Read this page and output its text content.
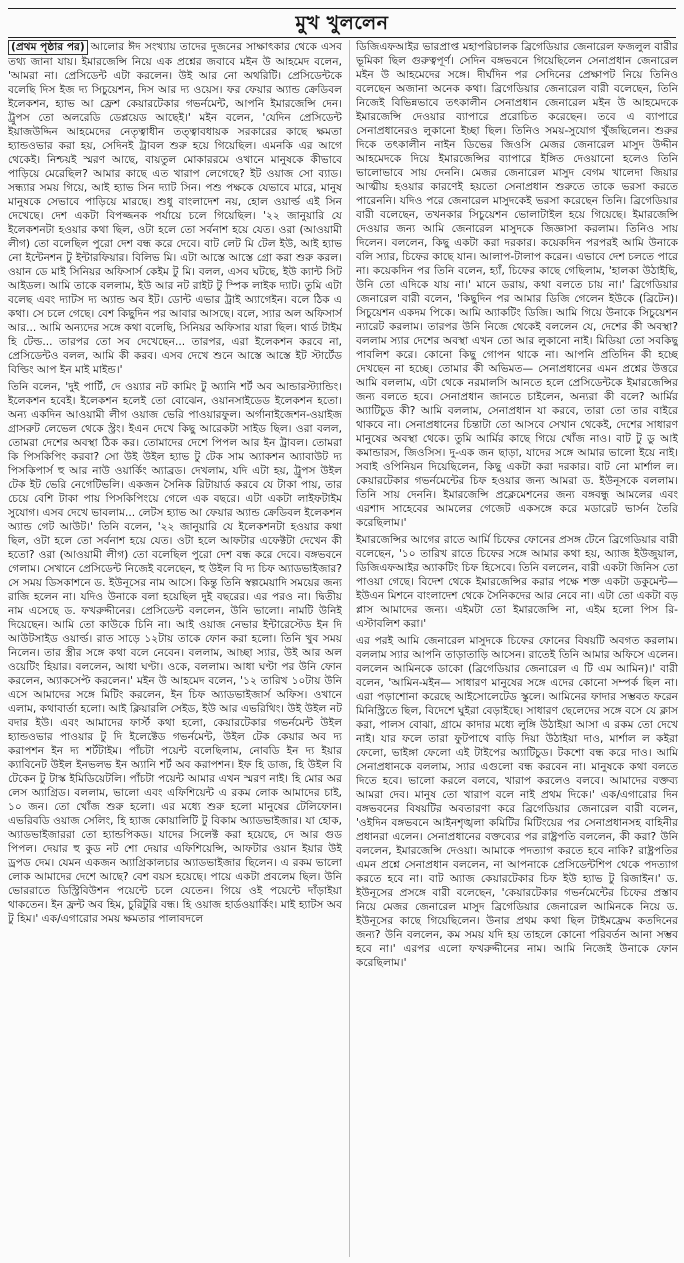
মুখ খুললেন

(প্রথম পৃষ্ঠার পর) আলোর ঈদ সংখ্যায় তাদের দুজনের সাক্ষাৎকার থেকে এসব তথ্য জানা যায়। ইমারজেন্সি নিয়ে এক প্রশ্নের জবাবে মইন উ আহমেদ বলেন, 'আমরা না। প্রেসিডেন্ট এটা করলেন। উই আর নো অথরিটি। প্রেসিডেন্টকে বলেছি দিস ইজ দ্য সিচুয়েশন, দিস আর দ্য ওয়েস। ফর ফেয়ার অ্যান্ড ক্রেডিবল ইলেকশন, হ্যাভ আ ফ্রেশ কেয়ারটেকার গভর্নমেন্ট, আপনি ইমারজেন্সি দেন। ট্রুপস তো অলরেডি ডেপ্লয়েড আছেই।' মইন বলেন, 'যেদিন প্রেসিডেন্ট ইয়াজউদ্দিন আহমেদের নেতৃত্বাধীন তত্ত্বাবধায়ক সরকারের কাছে ক্ষমতা হ্যান্ডওভার করা হয়, সেদিনই ট্রাবল শুরু হয়ে গিয়েছিল। এমনকি এর আগে থেকেই। নিশ্চয়ই স্মরণ আছে, বায়তুল মোকাররমে ওখানে মানুষকে কীভাবে পাড়িয়ে মেরেছিল? আমার কাছে এত খারাপ লেগেছে? ইট ওয়াজ সো ব্যাড। সন্ধ্যার সময় গিয়ে, আই হ্যাভ সিন দ্যাট সিন। পশু পক্ষকে যেভাবে মারে, মানুষ মানুষকে সেভাবে পাড়িয়ে মারছে। শুধু বাংলাদেশ নয়, হোল ওয়ার্ল্ড এই সিন দেখেছে। দেশ একটা বিপজ্জনক পর্যায়ে চলে গিয়েছিল। '২২ জানুয়ারি যে ইলেকশনটা হওয়ার কথা ছিল, ওটা হলে তো সর্বনাশ হয়ে যেত। ওরা (আওয়ামী লীগ) তো বলেছিল পুরো দেশ বন্ধ করে দেবে। বাট লেট মি টেল ইউ, আই হ্যাভ নো ইন্টেনশন টু ইন্টারফিয়ার। বিলিভ মি। এটা আস্তে আস্তে গ্রো করা শুরু করল। ওয়ান ডে মাই সিনিয়র অফিসার্স কেইম টু মি। বলল, এসব ঘটছে, ইউ ক্যান্ট সিট আইডল। আমি তাকে বললাম, ইউ আর নট রাইট টু স্পিক লাইক দ্যাট। তুমি এটা বলেছ এবং দ্যাটস দ্য অ্যান্ড অব ইট। ডোন্ট এভার ট্রাই অ্যাগেইন। বলে ঠিক এ কথা। সে চলে গেছে। বেশ কিছুদিন পর আবার আসছে। বলে, স্যার অল অফিসার্স আর... আমি অন্যদের সঙ্গে কথা বলেছি, সিনিয়র অফিসার যারা ছিল। থার্ড টাইম হি টেল্ড... তারপর তো সব দেখেছেন... তারপর, এরা ইলেকশন করবে না, প্রেসিডেন্টও বলল, আমি কী করব। এসব দেখে শুনে আস্তে আস্তে ইট স্টার্টেড বিল্ডিং আপ ইন মাই মাইন্ড।'

তিনি বলেন, 'দুই পার্টি, দে ওয়্যার নট কামিং টু অ্যানি শর্ট অব আন্ডারস্ট্যান্ডিং। ইলেকশন হবেই। ইলেকশন হলেই তো বোঝেন, ওয়ানসাইডেড ইলেকশন হতো। অন্য একদিন আওয়ামী লীগ ওয়াজ ভেরি পাওয়ারফুল। অর্গানাইজেশন-ওয়াইজ গ্রাসরুট লেভেল থেকে স্ট্রং। ইএন দেখে কিছু আরেকটা সাইড ছিল। ওরা বলল, তোমরা দেশের অবস্থা ঠিক কর। তোমাদের দেশে পিপল আর ইন ট্রাবল। তোমরা কি পিসকিপিং করবা? সো উই উইল হ্যাভ টু টেক সাম অ্যাকশন অ্যাবাউট দ্য পিসকিপার্স হু আর নাউ ওয়ার্কিং অ্যাব্রড। দেখলাম, যদি এটা হয়, ট্রুপস উইল টেক ইট ভেরি নেগেটিভলি। একজন সৈনিক রিটায়ার্ড করবে যে টাকা পায়, তার চেয়ে বেশি টাকা পায় পিসকিপিংয়ে গেলে এক বছরে। এটা একটা লাইফটাইম সুযোগ। এসব দেখে ভাবলাম... লেটস হ্যাভ আ ফেয়ার অ্যান্ড ক্রেডিবল ইলেকশন অ্যান্ড গেট আউট।' তিনি বলেন, '২২ জানুয়ারি যে ইলেকশনটা হওয়ার কথা ছিল, ওটা হলে তো সর্বনাশ হয়ে যেত। ওটা হলে আফটার এফেক্টটা দেখেন কী হতো? ওরা (আওয়ামী লীগ) তো বলেছিল পুরো দেশ বন্ধ করে দেবে। বঙ্গভবনে গেলাম। সেখানে প্রেসিডেন্ট নিজেই বলেছেন, হু উইল বি দ্য চিফ অ্যাডভাইজার? সে সময় ডিসকাশনে ড. ইউনূসের নাম আসে। কিন্তু তিনি স্বল্পমেয়াদি সময়ের জন্য রাজি হলেন না। যদিও উনাকে বলা হয়েছিল দুই বছরের। এর পরও না। দ্বিতীয় নাম এসেছে ড. ফখরুদ্দীনের। প্রেসিডেন্ট বললেন, উনি ভালো। নামটি উনিই দিয়েছেন। আমি তো কাউকে চিনি না। আই ওয়াজ নেভার ইন্টারেস্টেড ইন দি আউটসাইড ওয়ার্ল্ড। রাত সাড়ে ১২টায় তাকে ফোন করা হলো। তিনি খুব সময় নিলেন। তার স্ত্রীর সঙ্গে কথা বলে নেবেন। বললাম, আচ্ছা স্যার, উই আর অল ওয়েটিং হিয়ার। বললেন, আধা ঘণ্টা। ওকে, বললাম। আধা ঘণ্টা পর উনি ফোন করলেন, অ্যাকসেপ্ট করলেন।' মইন উ আহমেদ বলেন, '১২ তারিখ ১০টায় উনি এসে আমাদের সঙ্গে মিটিং করলেন, ইন চিফ অ্যাডভাইজার্স অফিস। ওখানে এলাম, কথাবার্তা হলো। আই ক্লিয়ারলি সেইড, ইউ আর এভরিথিং। উই উইল নট বদার ইউ। এবং আমাদের ফার্স্ট কথা হলো, কেয়ারটেকার গভর্নমেন্ট উইল হ্যান্ডওভার পাওয়ার টু দি ইলেক্টেড গভর্নমেন্ট, উইল টেক কেয়ার অব দ্য করাপশন ইন দ্য শর্টটাইম। পাঁচটা পয়েন্ট বলেছিলাম, নোবডি ইন দ্য ইয়ার ক্যাবিনেট উইল ইনভলভ ইন অ্যানি শর্ট অব করাপশন। ইফ হি ডাজ, হি উইল বি টেকেন টু টাস্ক ইমিডিয়েটলি। পাঁচটা পয়েন্ট আমার এখন স্মরণ নাই। হি মোর অর লেস অ্যাগ্রিড। বললাম, ভালো এবং এফিশিয়েন্ট এ রকম লোক আমাদের চাই, ১০ জন। তো খোঁজ শুরু হলো। এর মধ্যে শুরু হলো মানুষের টেলিফোন। এভরিবডি ওয়াজ সেলিং, হি হ্যাজ কোয়ালিটি টু বিকাম অ্যাডভাইজার। যা হোক, অ্যাডভাইজাররা তো হ্যান্ডপিকড। যাদের সিলেক্ট করা হয়েছে, দে আর গুড পিপল। দেয়ার হু কুড নট শো দেয়ার এফিশিয়েন্সি, আফটার ওয়ান ইয়ার উই ড্রপড দেম। যেমন একজন অ্যাগ্রিকালচার অ্যাডভাইজার ছিলেন। এ রকম ভালো লোক আমাদের দেশে আছে? বেশ বয়স হয়েছে। পায়ে একটা প্রবলেম ছিল। উনি ভোররাতে ডিস্ট্রিবিউশন পয়েন্টে চলে যেতেন। গিয়ে ওই পয়েন্টে দাঁড়াইয়া থাকতেন। ইন ফ্রন্ট অব হিম, চুরিটুরি বন্ধ। হি ওয়াজ হার্ডওয়ার্কিং। মাই হ্যাটস অব টু হিম।' এক/এগারোর সময় ক্ষমতার পালাবদলে

ডিজিএফআইর ভারপ্রাপ্ত মহাপরিচালক ব্রিগেডিয়ার জেনারেল ফজলুল বারীর ভূমিকা ছিল গুরুত্বপূর্ণ। সেদিন বঙ্গভবনে গিয়েছিলেন সেনাপ্রধান জেনারেল মইন উ আহমেদের সঙ্গে। দীর্ঘদিন পর সেদিনের প্রেক্ষাপট নিয়ে তিনিও বলেছেন অজানা অনেক কথা। ব্রিগেডিয়ার জেনারেল বারী বলেছেন, তিনি নিজেই বিভিন্নভাবে তৎকালীন সেনাপ্রধান জেনারেল মইন উ আহমেদকে ইমারজেন্সি দেওয়ার ব্যাপারে প্ররোচিত করেছেন। তবে এ ব্যাপারে সেনাপ্রধানেরও লুকানো ইচ্ছা ছিল। তিনিও সময়-সুযোগ খুঁজছিলেন। শুরুর দিকে তৎকালীন নাইন ডিভের জিওসি মেজর জেনারেল মাসুদ উদ্দীন আহমেদকে দিয়ে ইমারজেন্সির ব্যাপারে ইঙ্গিত দেওয়ানো হলেও তিনি ভালোভাবে সায় দেননি। মেজর জেনারেল মাসুদ বেগম খালেদা জিয়ার আত্মীয় হওয়ার কারণেই হয়তো সেনাপ্রধান শুরুতে তাকে ভরসা করতে পারেননি। যদিও পরে জেনারেল মাসুদকেই ভরসা করেছেন তিনি। ব্রিগেডিয়ার বারী বলেছেন, তখনকার সিচুয়েশন ভোলাটাইল হয়ে গিয়েছে। ইমারজেন্সি দেওয়ার জন্য আমি জেনারেল মাসুদকে জিজ্ঞাসা করলাম। তিনিও সায় দিলেন। বললেন, কিছু একটা করা দরকার। কয়েকদিন পরপরই আমি উনাকে বলি স্যার, চিফের কাছে যান। আলাপ-টালাপ করেন। এভাবে দেশ চলতে পারে না। কয়েকদিন পর তিনি বলেন, হ্যাঁ, চিফের কাছে গেছিলাম, 'হালকা উঠাইছি, উনি তো এদিকে যায় না।' মানে ডরায়, কথা বলতে চায় না।' ব্রিগেডিয়ার জেনারেল বারী বলেন, 'কিছুদিন পর আমার ডিজি গেলেন ইউকে (ব্রিটেন)। সিচুয়েশন একদম পিকে। আমি অ্যাকটিং ডিজি। আমি গিয়ে উনাকে সিচুয়েশন ন্যারেট করলাম। তারপর উনি নিজে থেকেই বললেন যে, দেশের কী অবস্থা? বললাম স্যার দেশের অবস্থা এখন তো আর লুকানো নাই। মিডিয়া তো সবকিছু পাবলিশ করে। কোনো কিছু গোপন থাকে না। আপনি প্রতিদিন কী হচ্ছে দেখছেন না হচ্ছে। তোমার কী অভিমত— সেনাপ্রধানের এমন প্রশ্নের উত্তরে আমি বললাম, এটা থেকে নরমালসি আনতে হলে প্রেসিডেন্টকে ইমারজেন্সির জন্য বলতে হবে। সেনাপ্রধান জানতে চাইলেন, অন্যরা কী বলে? আর্মির অ্যাটিচুড কী? আমি বললাম, সেনাপ্রধান যা করবে, তারা তো তার বাইরে থাকবে না। সেনাপ্রধানের চিন্তাটা তো আসবে সেখান থেকেই, দেশের সাধারণ মানুষের অবস্থা থেকে। তুমি আর্মির কাছে গিয়ে খোঁজ নাও। বাট টু ডু আই কমান্ডারস, জিওসিস। দু-এক জন ছাড়া, যাদের সঙ্গে আমার ভালো ইয়ে নাই। সবাই ওপিনিয়ন দিয়েছিলেন, কিছু একটা করা দরকার। বাট নো মার্শাল ল। কেয়ারটেকার গভর্নমেন্টের চিফ হওয়ার জন্য আমরা ড. ইউনূসকে বললাম। তিনি সায় দেননি। ইমারজেন্সি প্রক্লেমেশনের জন্য বঙ্গবন্ধু আমলের এবং এরশাদ সাহেবের আমলের গেজেট একসঙ্গে করে মডারেট ভার্সন তৈরি করেছিলাম।'

ইমারজেন্সির আগের রাতে আর্মি চিফের ফোনের প্রসঙ্গ টেনে ব্রিগেডিয়ার বারী বলেছেন, '১০ তারিখ রাতে চিফের সঙ্গে আমার কথা হয়, অ্যাজ ইউজুয়াল, ডিজিএফআইর অ্যাকটিং চিফ হিসেবে। তিনি বললেন, বারী একটা জিনিস তো পাওয়া গেছে। বিদেশ থেকে ইমারজেন্সির করার পক্ষে শক্ত একটা ডকুমেন্ট— ইউএন মিশনে বাংলাদেশ থেকে সৈনিকদের আর নেবে না। এটা তো একটা বড় প্লাস আমাদের জন্য। এইমটা তো ইমারজেন্সি না, এইম হলো পিস রি-এস্টাবলিশ করা।'

এর পরই আমি জেনারেল মাসুদকে চিফের ফোনের বিষয়টি অবগত করলাম। বললাম স্যার আপনি তাড়াতাড়ি আসেন। রাতেই তিনি আমার অফিসে এলেন। বললেন আমিনকে ডাকো (ব্রিগেডিয়ার জেনারেল এ টি এম আমিন)।' বারী বলেন, 'আমিন-মইন— সাধারণ মানুষের সঙ্গে এদের কোনো সম্পর্ক ছিল না। এরা পড়াশোনা করেছে আইসোলেটেড স্কুলে। আমিনের ফাদার সম্ভবত ফরেন মিনিস্ট্রিতে ছিল, বিদেশে ঘুইরা বেড়াইছে। সাধারণ ছেলেদের সঙ্গে বসে যে ক্লাস করা, পালস বোঝা, গ্রামে কাদার মধ্যে লুঙ্গি উঠাইয়া আসা এ রকম তো দেখে নাই। যার ফলে তারা ফুটপাথে বাড়ি দিয়া উঠাইয়া দাও, মার্শাল ল কইরা ফেলো, ভাইঙ্গা ফেলো এই টাইপের অ্যাটিচুড। টকশো বন্ধ করে দাও। আমি সেনাপ্রধানকে বললাম, স্যার এগুলো বন্ধ করবেন না। মানুষকে কথা বলতে দিতে হবে। ভালো করলে বলবে, খারাপ করলেও বলবে। আমাদের বক্তব্য আমরা দেব। মানুষ তো খারাপ বলে নাই প্রথম দিকে।' এক/এগারোর দিন বঙ্গভবনের বিষয়টির অবতারণা করে ব্রিগেডিয়ার জেনারেল বারী বলেন, 'ওইদিন বঙ্গভবনে আইনশৃঙ্খলা কমিটির মিটিংয়ের পর সেনাপ্রধানসহ বাহিনীর প্রধানরা এলেন। সেনাপ্রধানের বক্তব্যের পর রাষ্ট্রপতি বললেন, কী করা? উনি বললেন, ইমারজেন্সি দেওয়া। আমাকে পদত্যাগ করতে হবে নাকি? রাষ্ট্রপতির এমন প্রশ্নে সেনাপ্রধান বললেন, না আপনাকে প্রেসিডেন্টশিপ থেকে পদত্যাগ করতে হবে না। বাট অ্যাজ কেয়ারটেকার চিফ ইউ হ্যাভ টু রিজাইন।' ড. ইউনূসের প্রসঙ্গে বারী বলেছেন, 'কেয়ারটেকার গভর্নমেন্টের চিফের প্রস্তাব নিয়ে মেজর জেনারেল মাসুদ ব্রিগেডিয়ার জেনারেল আমিনকে নিয়ে ড. ইউনূসের কাছে গিয়েছিলেন। উনার প্রথম কথা ছিল টাইমফ্রেম কতদিনের জন্য? উনি বললেন, কম সময় যদি হয় তাহলে কোনো পরিবর্তন আনা সম্ভব হবে না।' এরপর এলো ফখরুদ্দীনের নাম। আমি নিজেই উনাকে ফোন করেছিলাম।'
